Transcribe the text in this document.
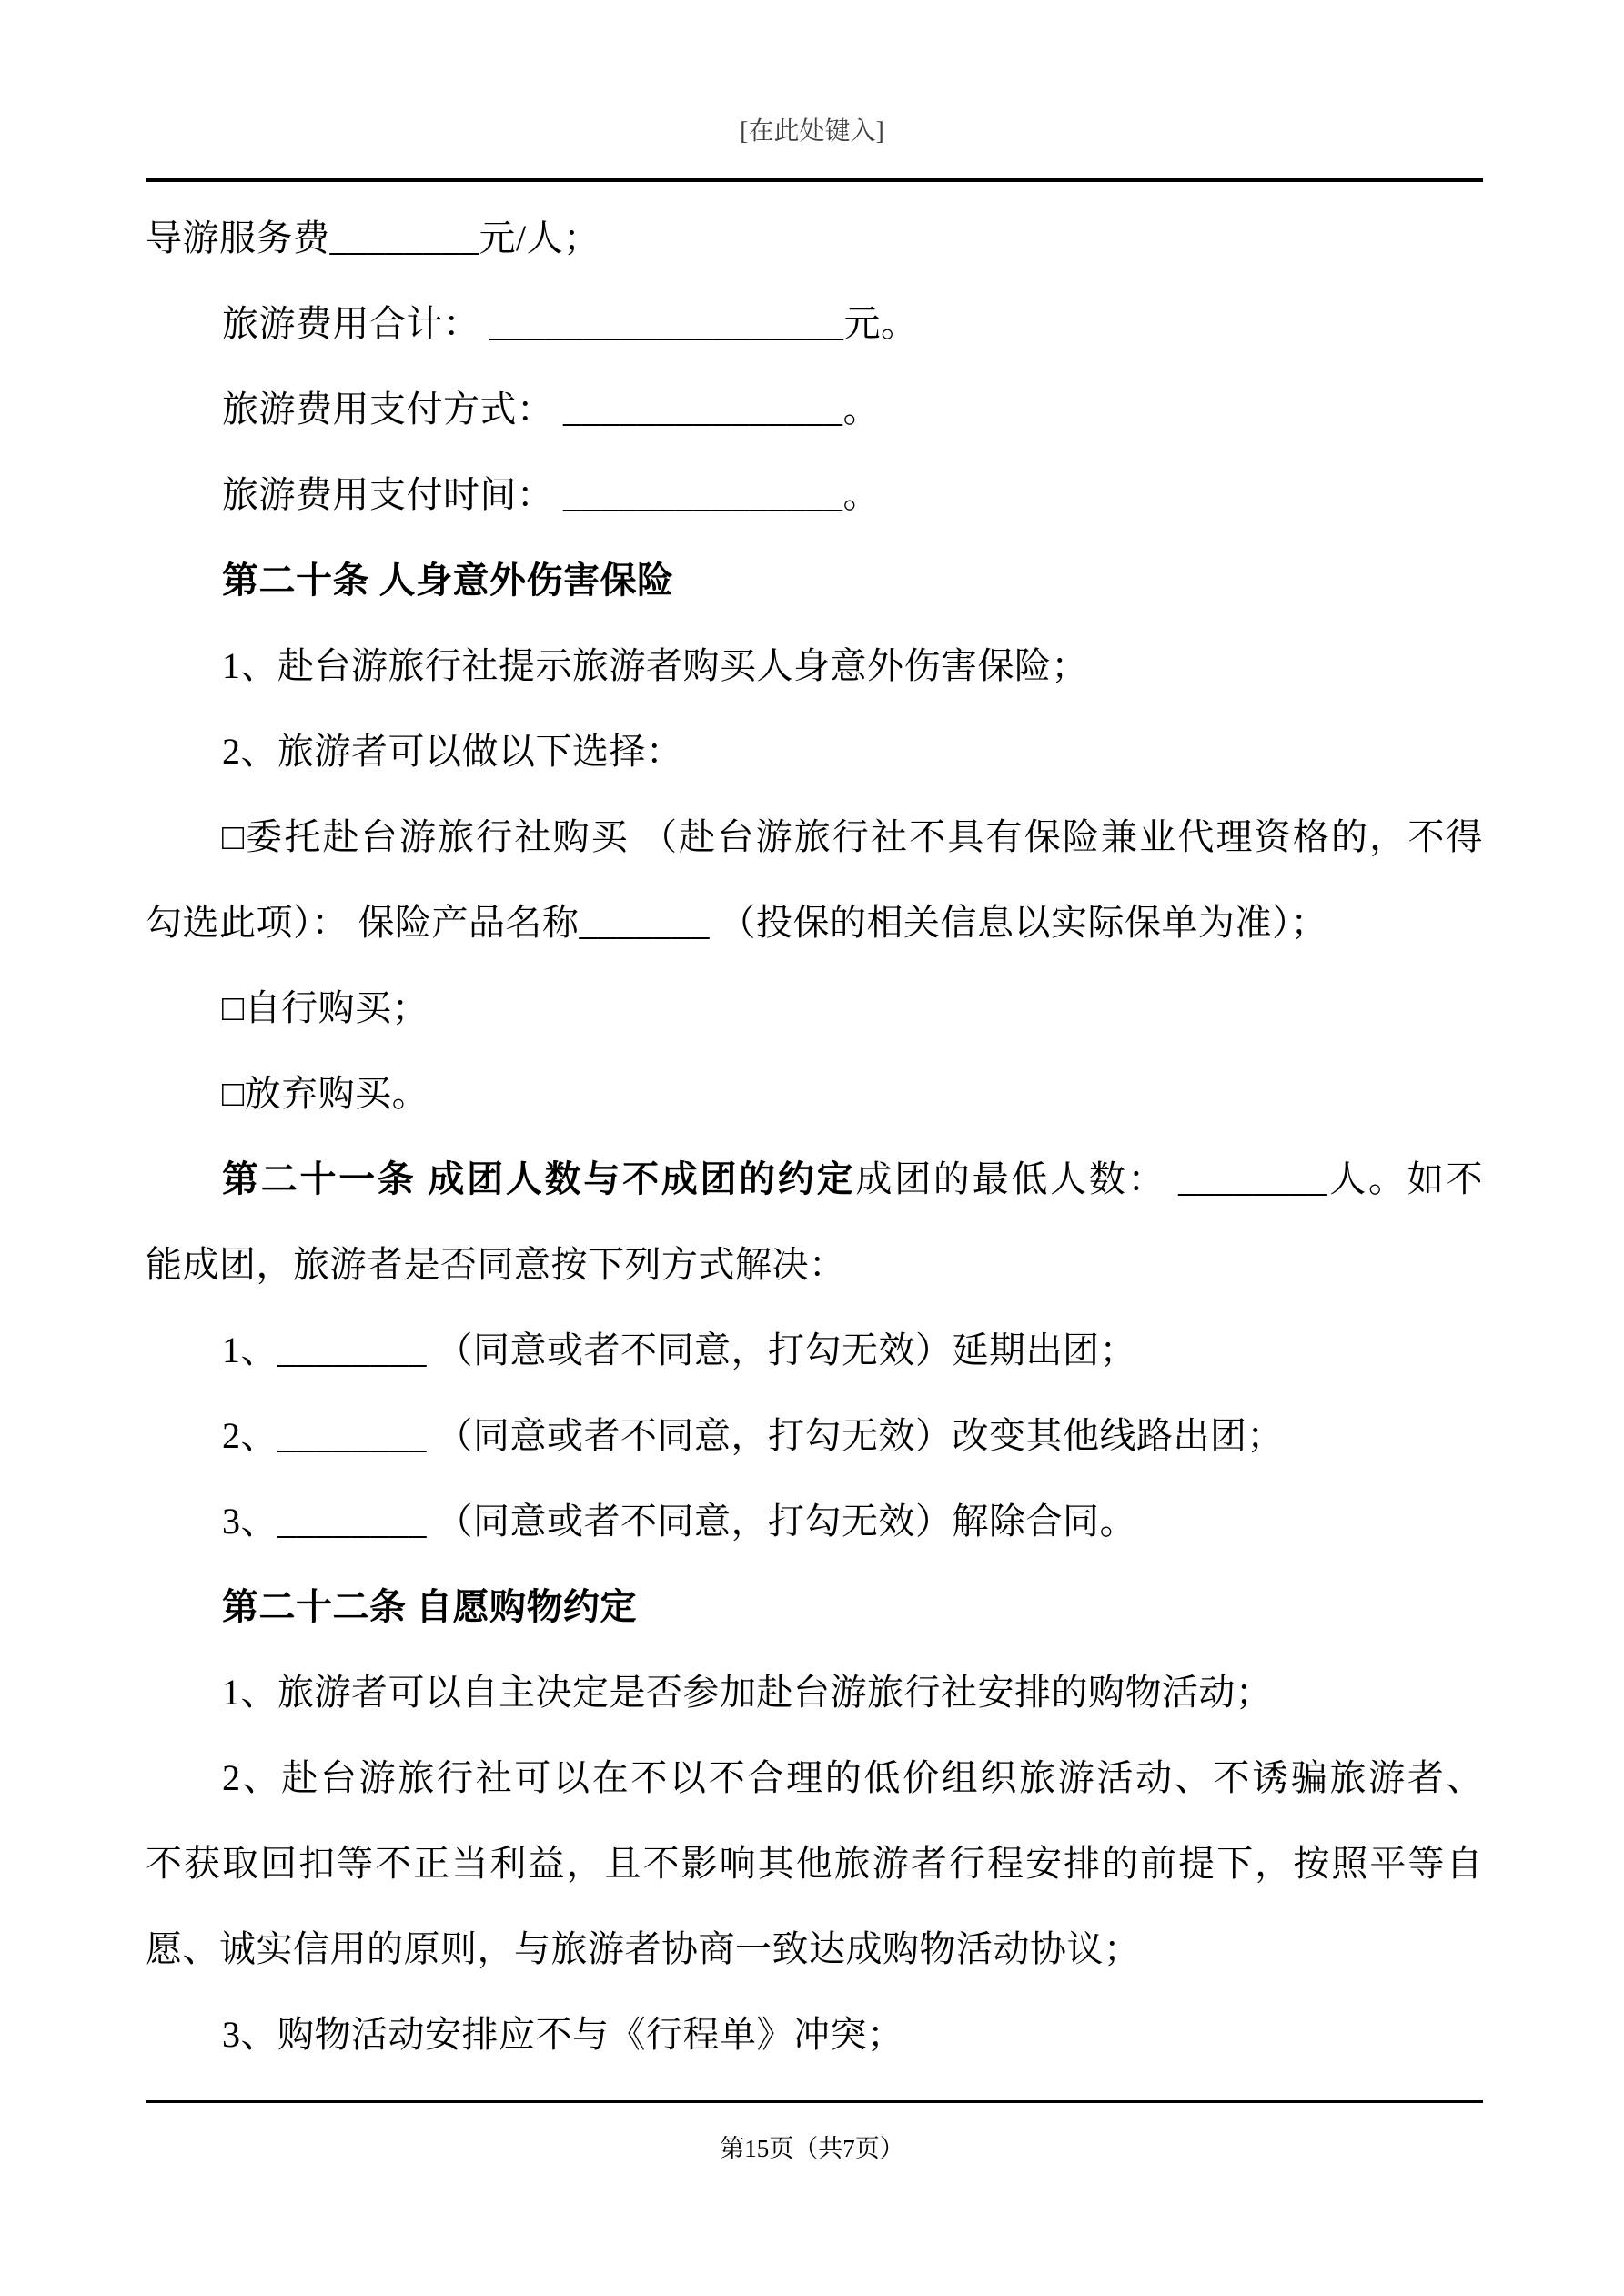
[在此处键入]

导游服务费________元/人；

旅游费用合计： ___________________元。

旅游费用支付方式： _______________。

旅游费用支付时间： _______________。

第二十条 人身意外伤害保险

1、赴台游旅行社提示旅游者购买人身意外伤害保险；

2、旅游者可以做以下选择：

□委托赴台游旅行社购买 （赴台游旅行社不具有保险兼业代理资格的，不得

勾选此项）： 保险产品名称_______ （投保的相关信息以实际保单为准）；

□自行购买；

□放弃购买。

第二十一条 成团人数与不成团的约定成团的最低人数： ________人。如不

能成团，旅游者是否同意按下列方式解决：

1、________ （同意或者不同意，打勾无效）延期出团；

2、________ （同意或者不同意，打勾无效）改变其他线路出团；

3、________ （同意或者不同意，打勾无效）解除合同。

第二十二条 自愿购物约定

1、旅游者可以自主决定是否参加赴台游旅行社安排的购物活动；

2、赴台游旅行社可以在不以不合理的低价组织旅游活动、不诱骗旅游者、

不获取回扣等不正当利益，且不影响其他旅游者行程安排的前提下，按照平等自

愿、诚实信用的原则，与旅游者协商一致达成购物活动协议；

3、购物活动安排应不与《行程单》冲突；

第15页（共7页）
